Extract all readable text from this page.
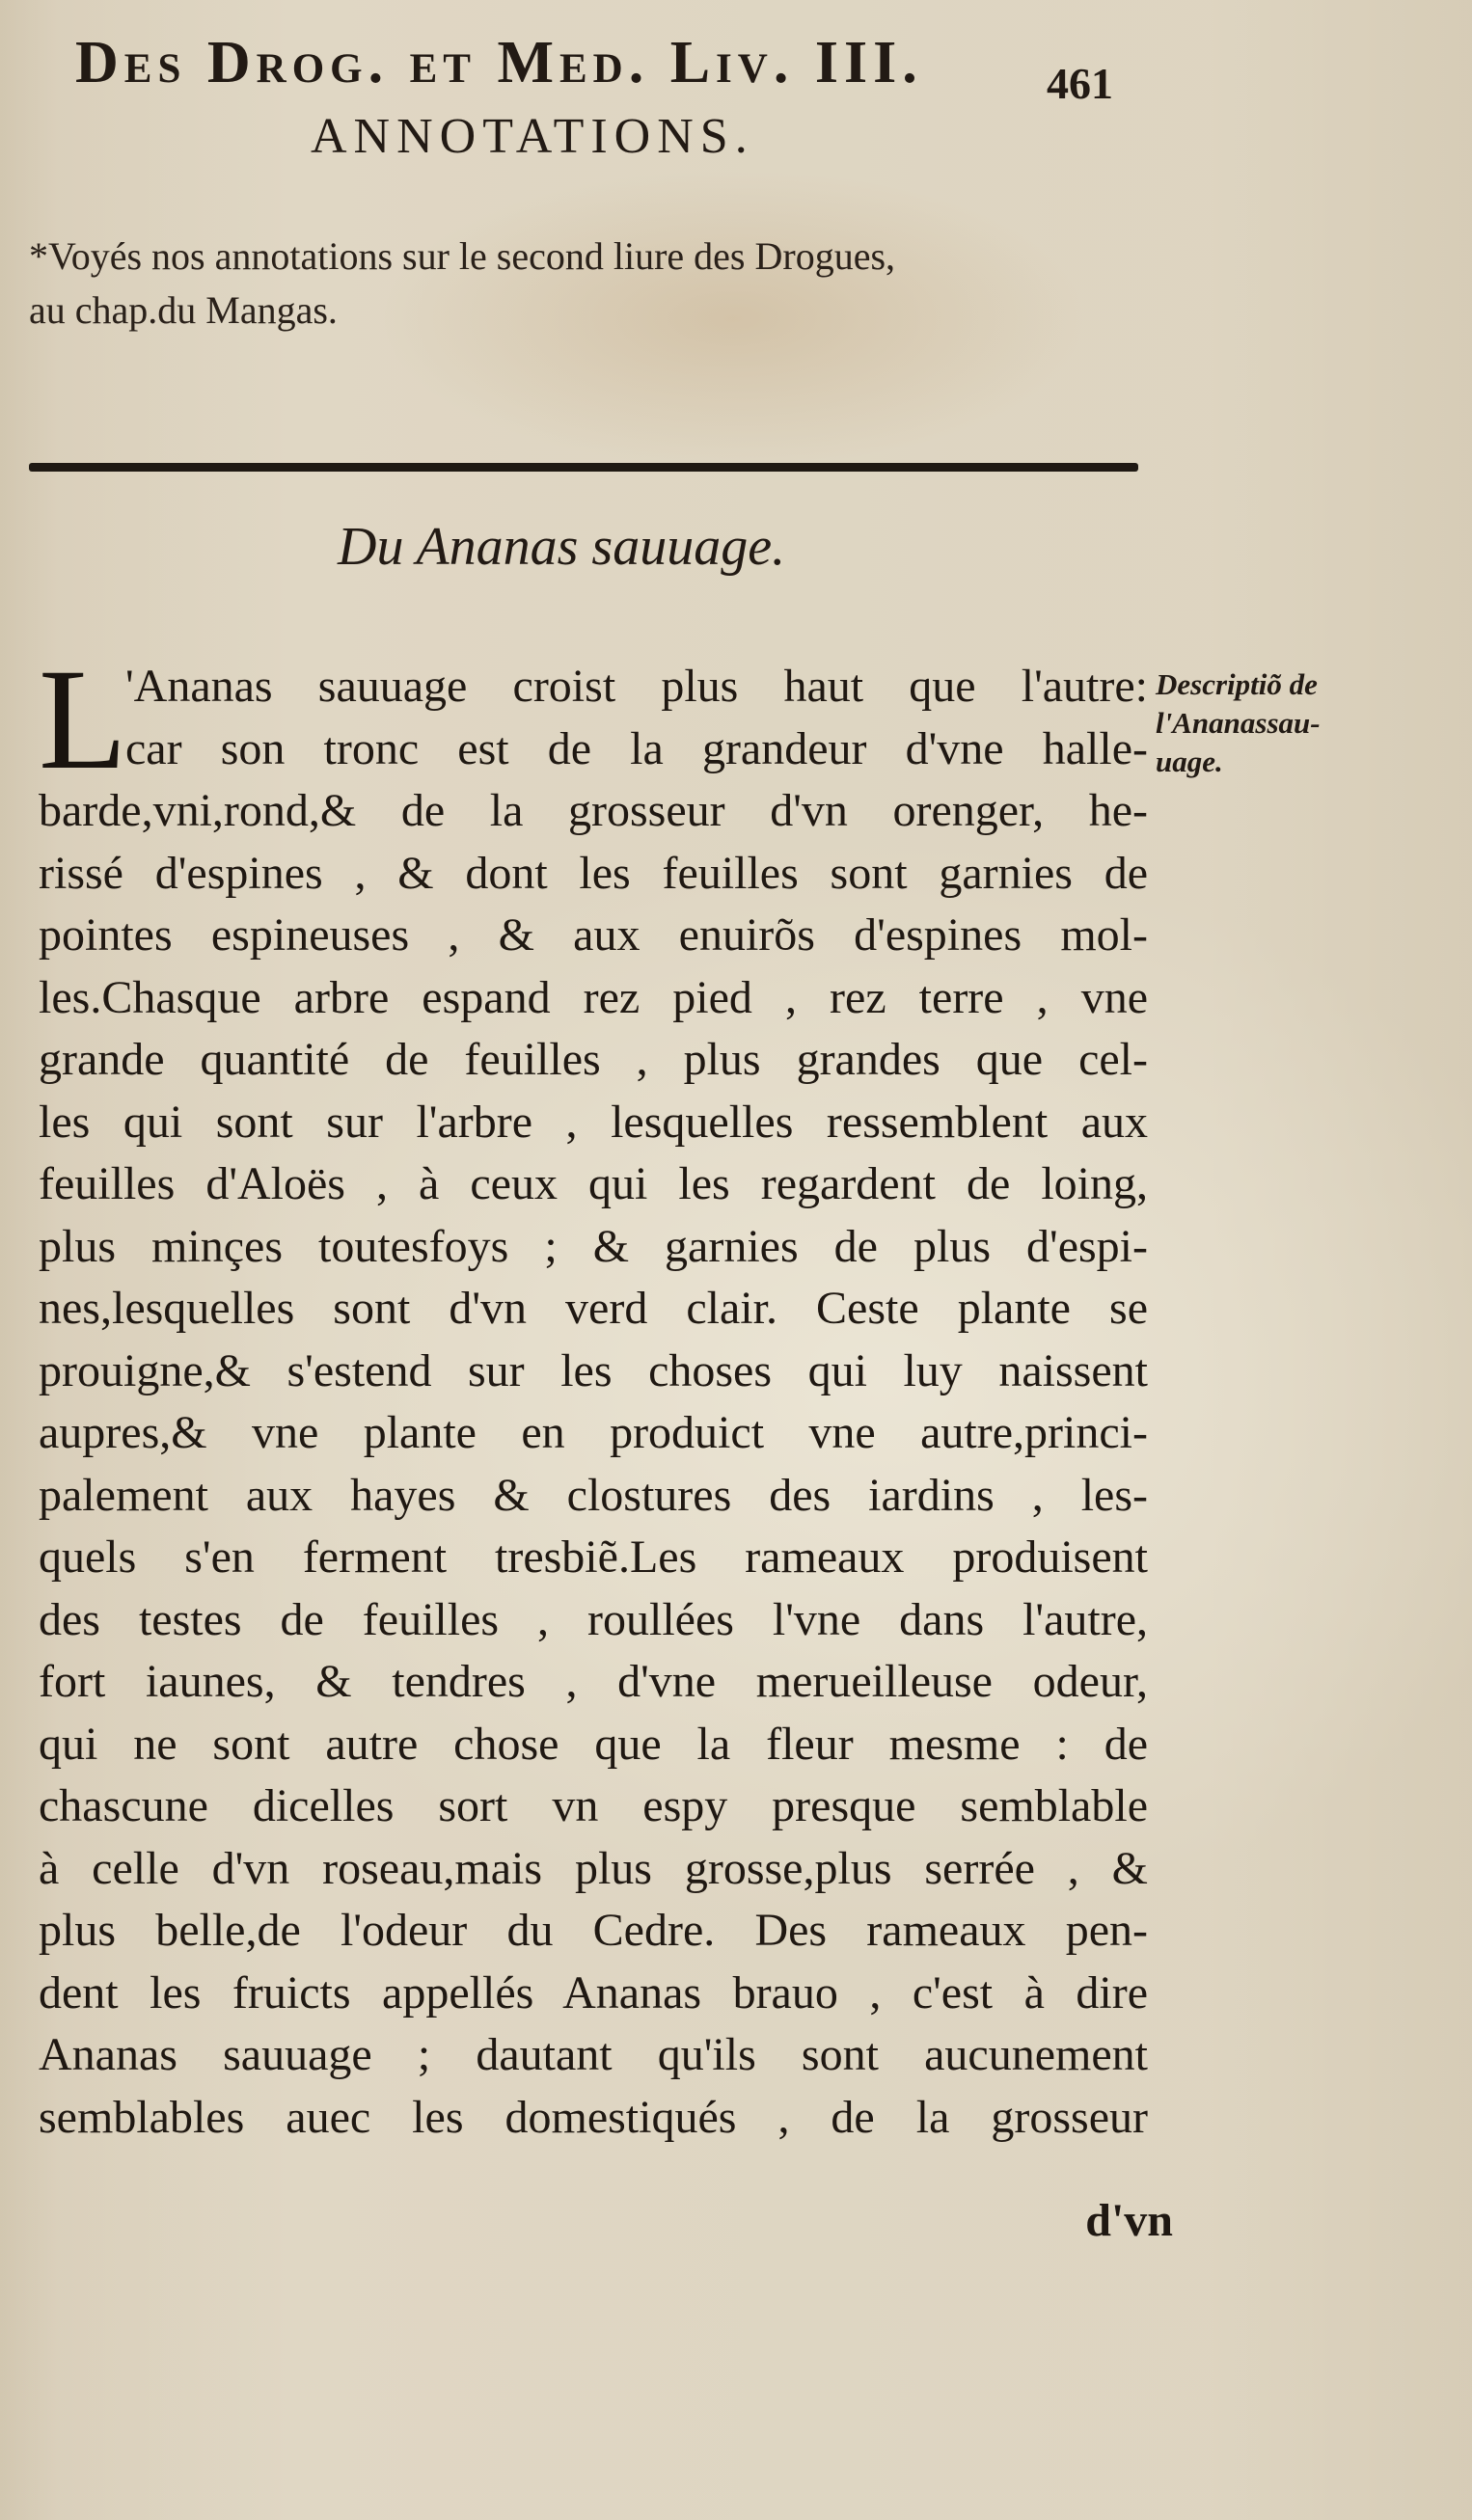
Des Drog. et Med. Liv. III.	461
ANNOTATIONS.
*Voyés nos annotations sur le second liure des Drogues,
au chap.du Mangas.
Du Ananas sauuage.
L
'Ananas sauuage croist plus haut que l'autre:
car son tronc est de la grandeur d'vne halle-
barde,vni,rond,& de la grosseur d'vn orenger, he-
rissé d'espines , & dont les feuilles sont garnies de
pointes espineuses , & aux enuirõs d'espines mol-
les.Chasque arbre espand rez pied , rez terre , vne
grande quantité de feuilles , plus grandes que cel-
les qui sont sur l'arbre , lesquelles ressemblent aux
feuilles d'Aloës , à ceux qui les regardent de loing,
plus minçes toutesfoys ; & garnies de plus d'espi-
nes,lesquelles sont d'vn verd clair. Ceste plante se
prouigne,& s'estend sur les choses qui luy naissent
aupres,& vne plante en produict vne autre,princi-
palement aux hayes & clostures des iardins , les-
quels s'en ferment tresbiẽ.Les rameaux produisent
des testes de feuilles , roullées l'vne dans l'autre,
fort iaunes, & tendres , d'vne merueilleuse odeur,
qui ne sont autre chose que la fleur mesme : de
chascune dicelles sort vn espy presque semblable
à celle d'vn roseau,mais plus grosse,plus serrée , &
plus belle,de l'odeur du Cedre. Des rameaux pen-
dent les fruicts appellés Ananas brauo , c'est à dire
Ananas sauuage ; dautant qu'ils sont aucunement
semblables auec les domestiqués , de la grosseur
Descriptiõ de
l'Ananassau-
uage.
d'vn
